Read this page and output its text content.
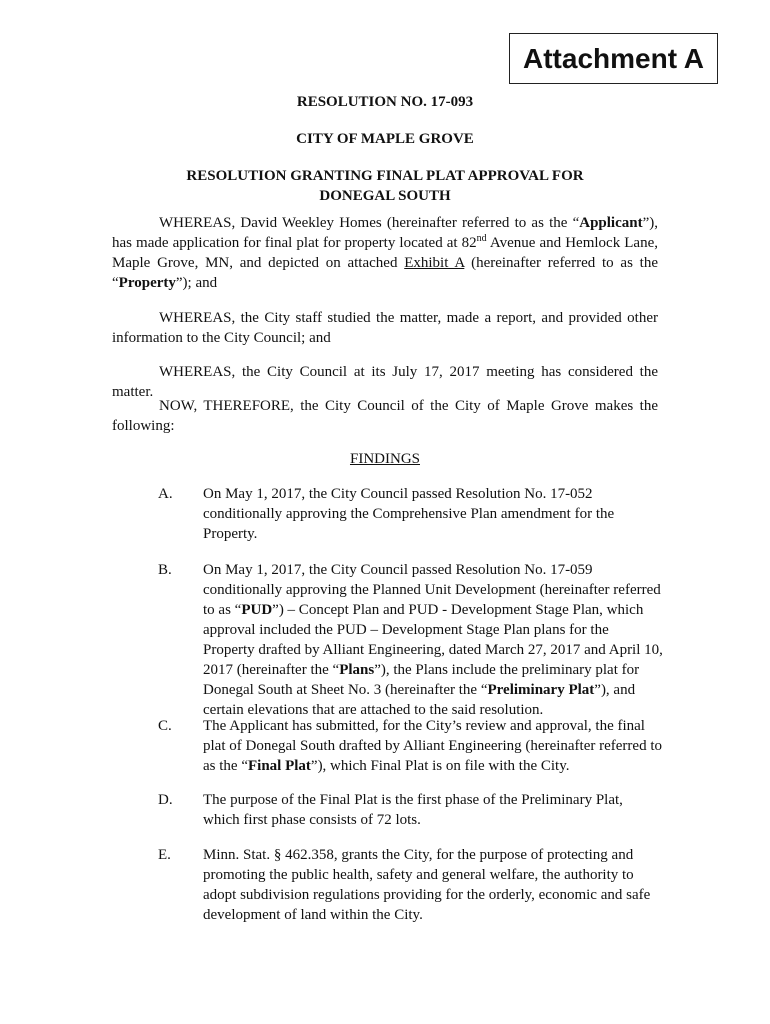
Attachment A
RESOLUTION NO. 17-093
CITY OF MAPLE GROVE
RESOLUTION GRANTING FINAL PLAT APPROVAL FOR
DONEGAL SOUTH
WHEREAS, David Weekley Homes (hereinafter referred to as the “Applicant”), has made application for final plat for property located at 82nd Avenue and Hemlock Lane, Maple Grove, MN, and depicted on attached Exhibit A (hereinafter referred to as the “Property”); and
WHEREAS, the City staff studied the matter, made a report, and provided other information to the City Council; and
WHEREAS, the City Council at its July 17, 2017 meeting has considered the matter.
NOW, THEREFORE, the City Council of the City of Maple Grove makes the following:
FINDINGS
A. On May 1, 2017, the City Council passed Resolution No. 17-052 conditionally approving the Comprehensive Plan amendment for the Property.
B. On May 1, 2017, the City Council passed Resolution No. 17-059 conditionally approving the Planned Unit Development (hereinafter referred to as “PUD”) – Concept Plan and PUD - Development Stage Plan, which approval included the PUD – Development Stage Plan plans for the Property drafted by Alliant Engineering, dated March 27, 2017 and April 10, 2017 (hereinafter the “Plans”), the Plans include the preliminary plat for Donegal South at Sheet No. 3 (hereinafter the “Preliminary Plat”), and certain elevations that are attached to the said resolution.
C. The Applicant has submitted, for the City’s review and approval, the final plat of Donegal South drafted by Alliant Engineering (hereinafter referred to as the “Final Plat”), which Final Plat is on file with the City.
D. The purpose of the Final Plat is the first phase of the Preliminary Plat, which first phase consists of 72 lots.
E. Minn. Stat. § 462.358, grants the City, for the purpose of protecting and promoting the public health, safety and general welfare, the authority to adopt subdivision regulations providing for the orderly, economic and safe development of land within the City.
